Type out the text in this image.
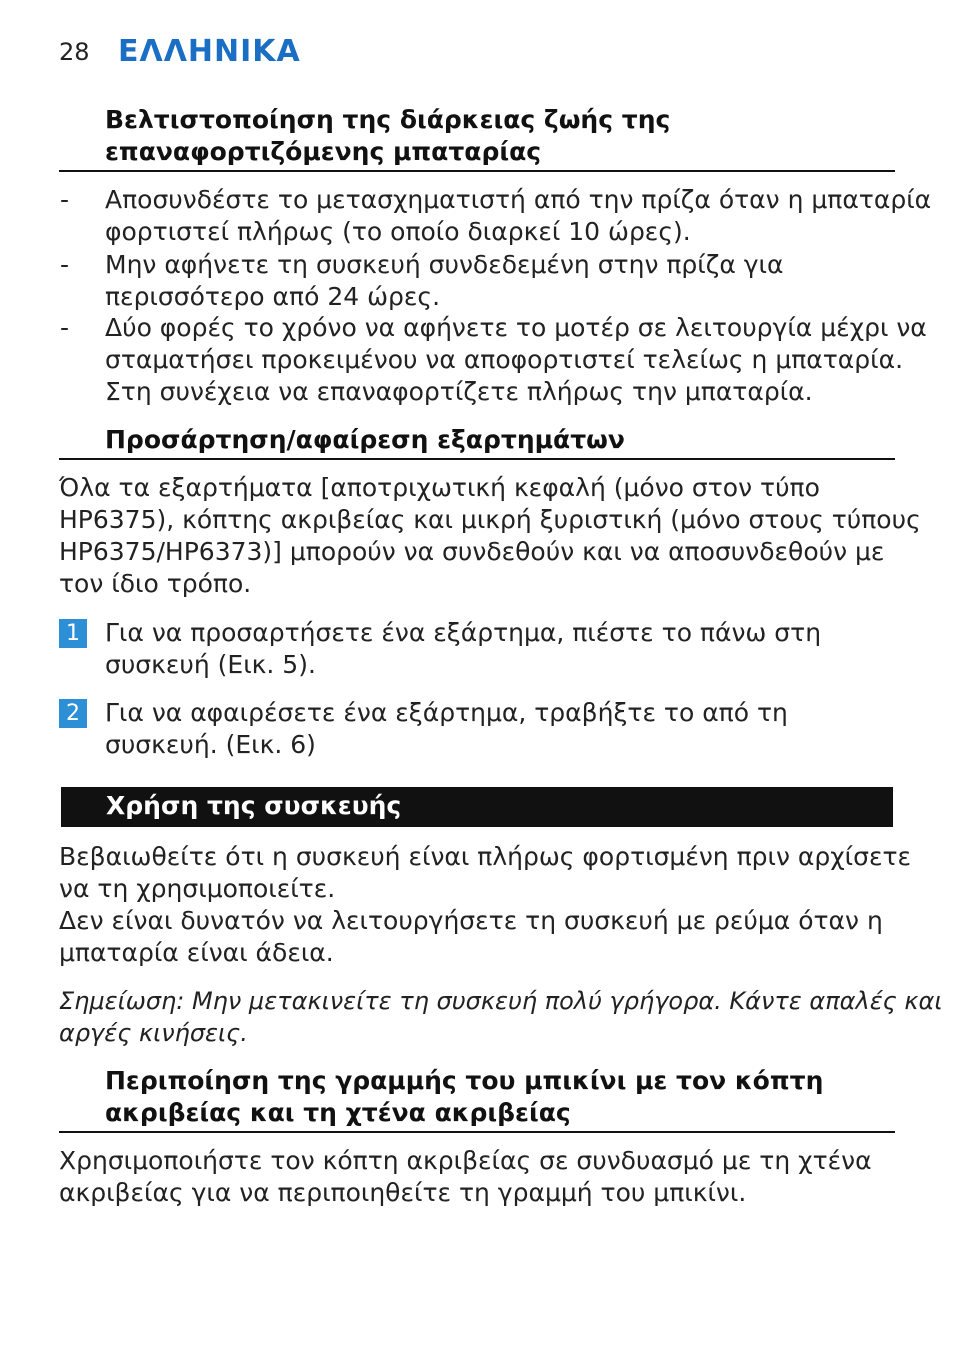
28 ΕΛΛΗΝΙΚΑ
Βελτιστοποίηση της διάρκειας ζωής της
επαναφορτιζόμενης μπαταρίας
- Αποσυνδέστε το μετασχηματιστή από την πρίζα όταν η μπαταρία
φορτιστεί πλήρως (το οποίο διαρκεί 10 ώρες).
- Μην αφήνετε τη συσκευή συνδεδεμένη στην πρίζα για
περισσότερο από 24 ώρες.
- Δύο φορές το χρόνο να αφήνετε το μοτέρ σε λειτουργία μέχρι να
σταματήσει προκειμένου να αποφορτιστεί τελείως η μπαταρία.
Στη συνέχεια να επαναφορτίζετε πλήρως την μπαταρία.
Προσάρτηση/αφαίρεση εξαρτημάτων
Όλα τα εξαρτήματα [αποτριχωτική κεφαλή (μόνο στον τύπο
HP6375), κόπτης ακριβείας και μικρή ξυριστική (μόνο στους τύπους
HP6375/HP6373)] μπορούν να συνδεθούν και να αποσυνδεθούν με
τον ίδιο τρόπο.
1 Για να προσαρτήσετε ένα εξάρτημα, πιέστε το πάνω στη
συσκευή (Εικ. 5).
2 Για να αφαιρέσετε ένα εξάρτημα, τραβήξτε το από τη
συσκευή. (Εικ. 6)
Χρήση της συσκευής
Βεβαιωθείτε ότι η συσκευή είναι πλήρως φορτισμένη πριν αρχίσετε
να τη χρησιμοποιείτε.
Δεν είναι δυνατόν να λειτουργήσετε τη συσκευή με ρεύμα όταν η
μπαταρία είναι άδεια.
Σημείωση: Μην μετακινείτε τη συσκευή πολύ γρήγορα. Κάντε απαλές και
αργές κινήσεις.
Περιποίηση της γραμμής του μπικίνι με τον κόπτη
ακριβείας και τη χτένα ακριβείας
Χρησιμοποιήστε τον κόπτη ακριβείας σε συνδυασμό με τη χτένα
ακριβείας για να περιποιηθείτε τη γραμμή του μπικίνι.
